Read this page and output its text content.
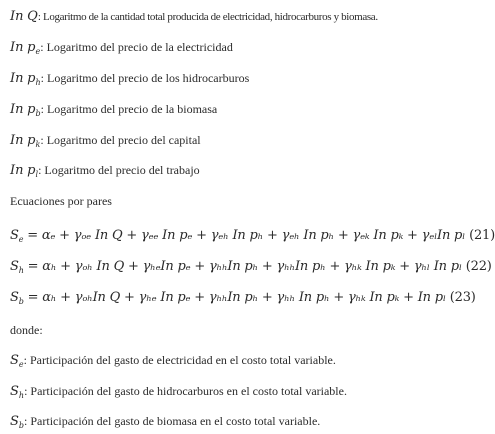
In Q: Logaritmo de la cantidad total producida de electricidad, hidrocarburos y biomasa.
In $p_e$: Logaritmo del precio de la electricidad
In $p_h$: Logaritmo del precio de los hidrocarburos
In $p_b$: Logaritmo del precio de la biomasa
In $p_k$: Logaritmo del precio del capital
In $p_l$: Logaritmo del precio del trabajo
Ecuaciones por pares
$S_e = \alpha_e + \gamma_{oe}$ In Q + γₑₑ In pₑ + γₑₕ In pₕ + γₑₕ In pₕ + γₑₖ In pₖ + γₑₗIn pₗ (21)
$S_h = \alpha_h + \gamma_{oh}$ In Q + γₕₑIn pₑ + γₕₕIn pₕ + γₕₕIn pₕ + γₕₖ In pₖ + γₕₗ In pₗ (22)
$S_b = \alpha_h + \gamma_{oh}In$ Q + γₕₑ In pₑ + γₕₕIn pₕ + γₕₕ In pₕ + γₕₖ In pₖ + In pₗ (23)
donde:
$S_e$: Participación del gasto de electricidad en el costo total variable.
$S_h$: Participación del gasto de hidrocarburos en el costo total variable.
$S_b$: Participación del gasto de biomasa en el costo total variable.
